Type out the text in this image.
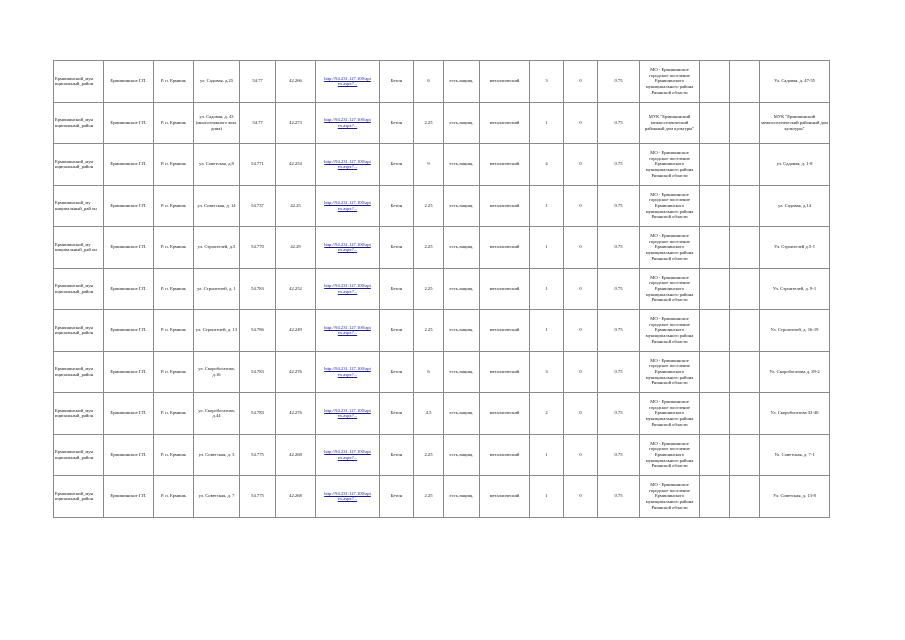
Ермишинский_мун иципальный_район	Ермишинское Г.П.	Р. п. Ермишь	ул. Садовая, д.25	54.77	42.266	http://94.231.127.100/api ex.aspx?...	Бетон	6	есть,защищ.	металлический	3	0	0.75	МО - Ермишинское городское поселение Ермишинского муниципального района Рязанской области			Ул. Садовая, д. 47-55
Ермишинский_мун иципальный_район	Ермишинское Г.П.	Р. п. Ермишь	ул. Садовая, д. 43 (многоэтажного жил. дома)	54.77	42.273	http://94.231.127.100/api ex.aspx?...	Бетон	2.25	есть,защищ.	металлический	1	0	0.75	МУК "Ермишинский межпоселенческий районный дом культуры"			МУК "Ермишинский межпоселенческий районный дом культуры"
Ермишинский_мун иципальный_район	Ермишинское Г.П.	Р. п. Ермишь	ул. Советская, д.8	54.771	42.254	http://94.231.127.100/api ex.aspx?...	Бетон	9	есть,защищ.	металлический	4	0	0.75	МО - Ермишинское городское поселение Ермишинского муниципального района Рязанской области			ул. Садовая, д. 1-8
Ермишинский_му ниципальный_рай он	Ермишинское Г.П.	Р. п. Ермишь	ул. Советская, д. 14	54.737	42.25	http://94.231.127.100/api ex.aspx?...	Бетон	2.25	есть,защищ.	металлический	1	0	0.75	МО - Ермишинское городское поселение Ермишинского муниципального района Рязанской области			ул. Садовая, д.14
Ермишинский_му ниципальный_рай он	Ермишинское Г.П.	Р. п. Ермишь	ул. Строителей, д.5	54.770	42.29	http://94.231.127.100/api ex.aspx?...	Бетон	2.25	есть,защищ.	металлический	1	0	0.75	МО - Ермишинское городское поселение Ермишинского муниципального района Рязанской области			Ул. Строителей д.5-1
Ермишинский_мун иципальный_район	Ермишинское Г.П.	Р. п. Ермишь	ул. Строителей, д. 1	54.783	42.252	http://94.231.127.100/api ex.aspx?...	Бетон	2.25	есть,защищ.	металлический	1	0	0.75	МО - Ермишинское городское поселение Ермишинского муниципального района Рязанской области			Ул. Строителей, д. 9-1
Ермишинский_мун иципальный_район	Ермишинское Г.П.	Р. п. Ермишь	ул. Строителей, д. 13	54.786	42.249	http://94.231.127.100/api ex.aspx?...	Бетон	2.25	есть,защищ.	металлический	1	0	0.75	МО - Ермишинское городское поселение Ермишинского муниципального района Рязанской области			Ул. Строителей, д. 16-19
Ермишинский_мун иципальный_район	Ермишинское Г.П.	Р. п. Ермишь	ул. Скоробогатова, д.16	54.783	42.276	http://94.231.127.100/api ex.aspx?...	Бетон	6	есть,защищ.	металлический	3	0	0.75	МО - Ермишинское городское поселение Ермишинского муниципального района Рязанской области			Ул. Скоробогатова д. 39-2
Ермишинский_мун иципальный_район	Ермишинское Г.П.	Р. п. Ермишь	ул. Скоробогатова, д.44	54.783	42.276	http://94.231.127.100/api ex.aspx?...	Бетон	4.5	есть,защищ.	металлический	2	0	0.75	МО - Ермишинское городское поселение Ермишинского муниципального района Рязанской области			Ул. Скоробогатова 33-40
Ермишинский_мун иципальный_район	Ермишинское Г.П.	Р. п. Ермишь	ул. Советская, д. 3	54.775	42.268	http://94.231.127.100/api ex.aspx?...	Бетон	2.25	есть,защищ.	металлический	1	0	0.75	МО - Ермишинское городское поселение Ермишинского муниципального района Рязанской области			Ул. Советская, д. 7-1
Ермишинский_мун иципальный_район	Ермишинское Г.П.	Р. п. Ермишь	ул. Советская, д. 7	54.775	42.268	http://94.231.127.100/api ex.aspx?...	Бетон	2.25	есть,защищ.	металлический	1	0	0.75	МО - Ермишинское городское поселение Ермишинского муниципального района Рязанской области			Ул. Советская, д. 13-8
